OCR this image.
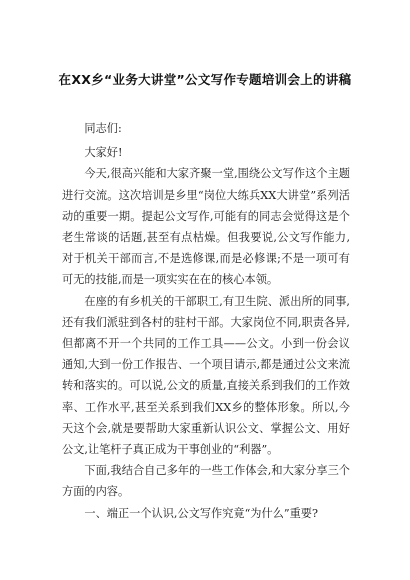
在XX乡“业务大讲堂”公文写作专题培训会上的讲稿

同志们:

大家好!

今天,很高兴能和大家齐聚一堂,围绕公文写作这个主题进行交流。这次培训是乡里“岗位大练兵XX大讲堂”系列活动的重要一期。提起公文写作,可能有的同志会觉得这是个老生常谈的话题,甚至有点枯燥。但我要说,公文写作能力,对于机关干部而言,不是选修课,而是必修课;不是一项可有可无的技能,而是一项实实在在的核心本领。

在座的有乡机关的干部职工,有卫生院、派出所的同事,还有我们派驻到各村的驻村干部。大家岗位不同,职责各异,但都离不开一个共同的工作工具——公文。小到一份会议通知,大到一份工作报告、一个项目请示,都是通过公文来流转和落实的。可以说,公文的质量,直接关系到我们的工作效率、工作水平,甚至关系到我们XX乡的整体形象。所以,今天这个会,就是要帮助大家重新认识公文、掌握公文、用好公文,让笔杆子真正成为干事创业的“利器”。

下面,我结合自己多年的一些工作体会,和大家分享三个方面的内容。

一、端正一个认识,公文写作究竟“为什么”重要?
